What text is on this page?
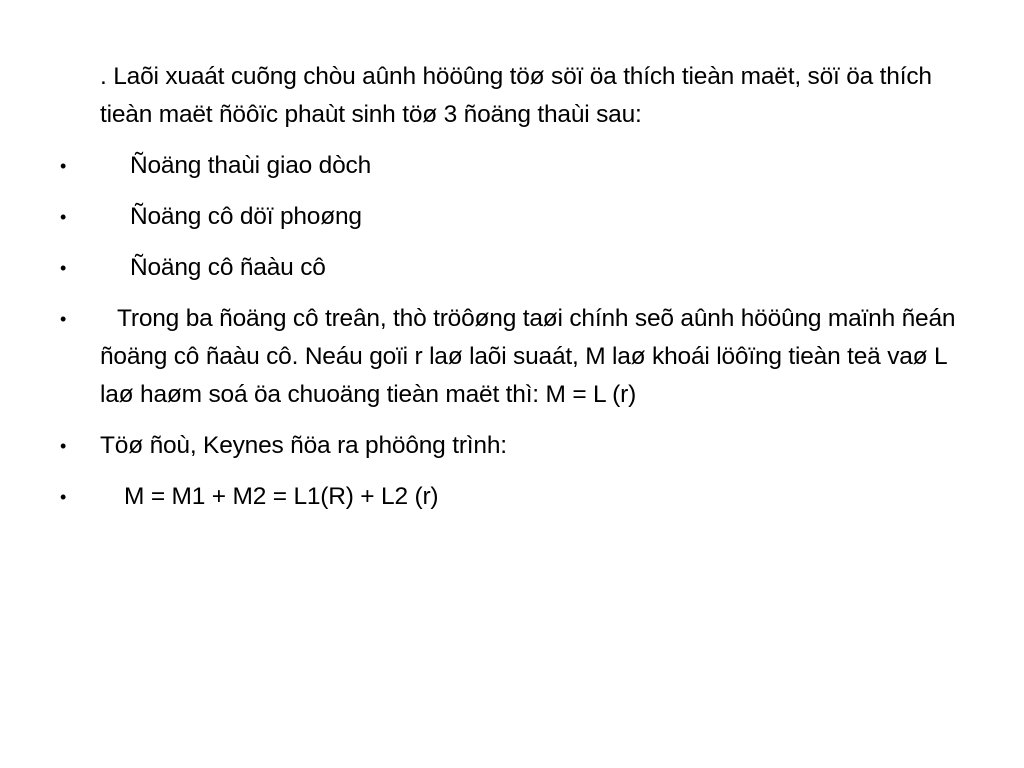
. Laõi xuaát cuõng chòu aûnh hööûng töø söï öa thích tieàn maët, söï öa thích tieàn maët ñöôïc phaùt sinh töø 3 ñoäng thaùi sau:

•	Ñoäng thaùi giao dòch
•	Ñoäng cô döï phoøng
•	Ñoäng cô ñaàu cô
•	Trong ba ñoäng cô treân, thò tröôøng taøi chính seõ aûnh hööûng maïnh ñeán ñoäng cô ñaàu cô. Neáu goïi r laø laõi suaát, M laø khoái löôïng tieàn teä vaø L laø haøm soá öa chuoäng tieàn maët thì: M = L (r)
•	Töø ñoù, Keynes ñöa ra phöông trình:
•	M = M1 + M2 = L1(R) + L2 (r)
